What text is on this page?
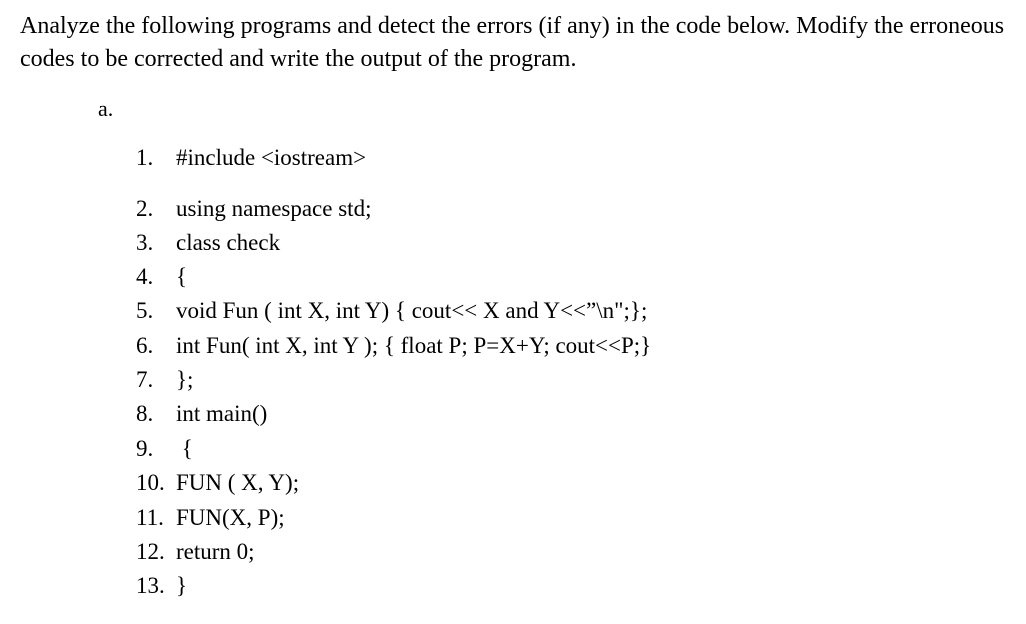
Analyze the following programs and detect the errors (if any) in the code below. Modify the erroneous codes to be corrected and write the output of the program.

a.
1. #include <iostream>
2. using namespace std;
3. class check
4. {
5. void Fun ( int X, int Y) { cout<< X and Y<<”\n";};
6. int Fun( int X, int Y ); { float P; P=X+Y; cout<<P;}
7. };
8. int main()
9. {
10. FUN ( X, Y);
11. FUN(X, P);
12. return 0;
13. }
